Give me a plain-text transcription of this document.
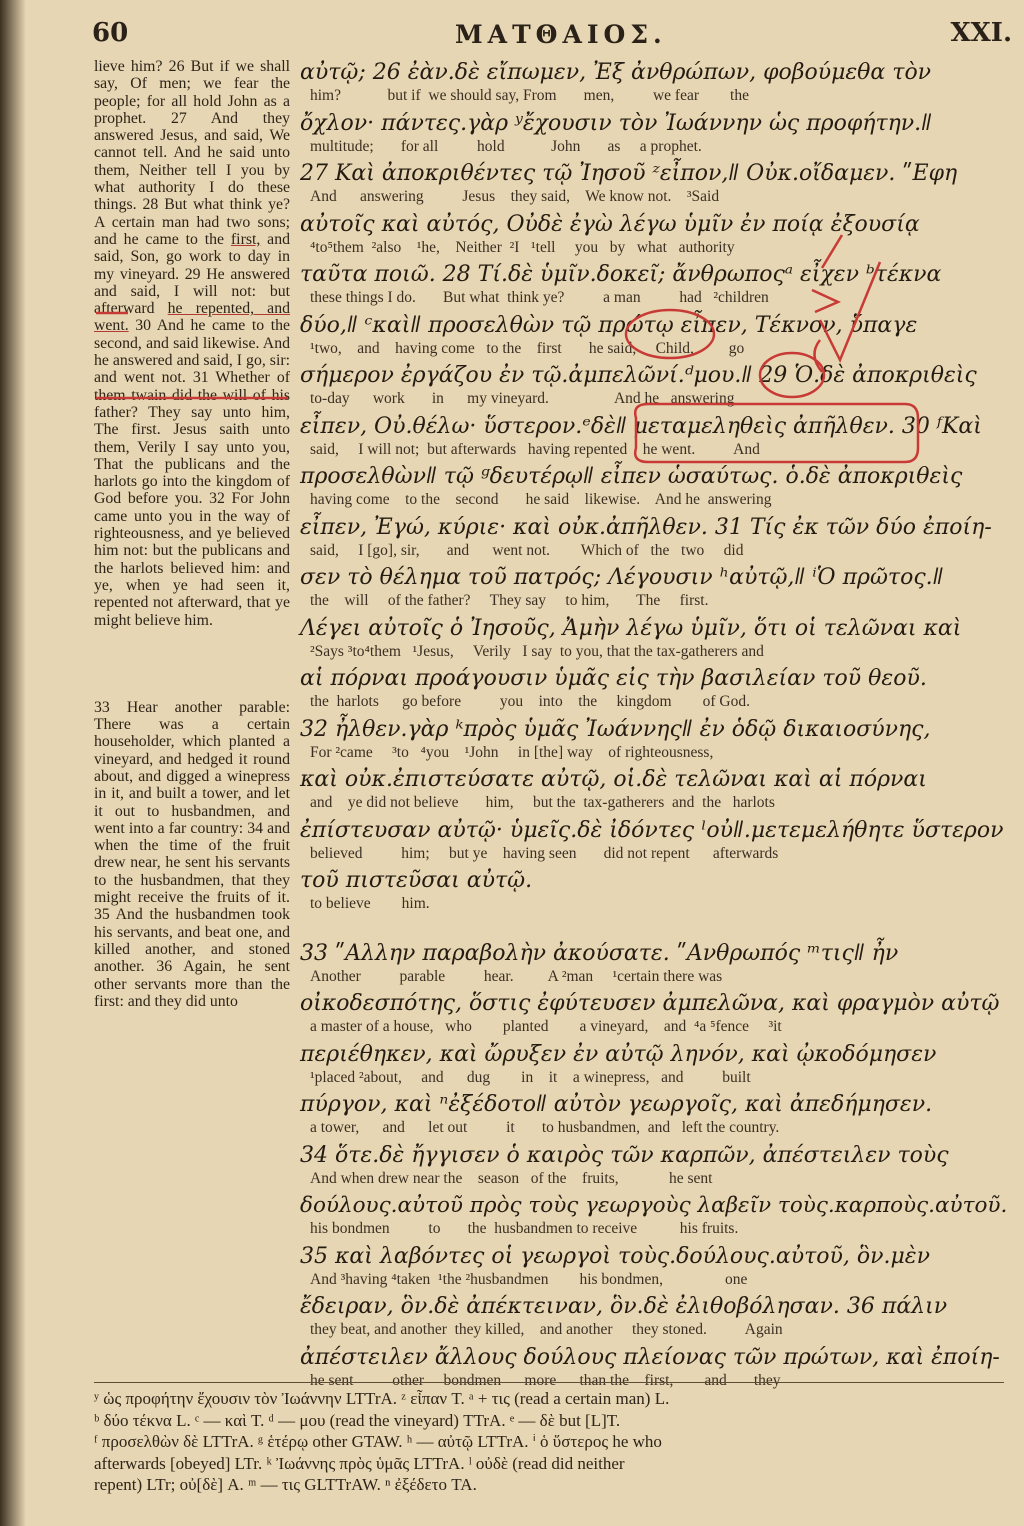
60	ΜΑΤΘΑΙΟΣ.	XXI.

lieve him? 26 But if we shall say, Of men; we fear the people; for all hold John as a prophet. 27 And they answered Jesus, and said, We cannot tell. And he said unto them, Neither tell I you by what authority I do these things. 28 But what think ye? A certain man had two sons; and he came to the first, and said, Son, go work to day in my vineyard. 29 He answered and said, I will not: but afterward he repented, and went. 30 And he came to the second, and said likewise. And he answered and said, I go, sir: and went not. 31 Whether of them twain did the will of his father? They say unto him, The first. Jesus saith unto them, Verily I say unto you, That the publicans and the harlots go into the kingdom of God before you. 32 For John came unto you in the way of righteousness, and ye believed him not: but the publicans and the harlots believed him: and ye, when ye had seen it, repented not afterward, that ye might believe him.

33 Hear another parable: There was a certain householder, which planted a vineyard, and hedged it round about, and digged a winepress in it, and built a tower, and let it out to husbandmen, and went into a far country: 34 and when the time of the fruit drew near, he sent his servants to the husbandmen, that they might receive the fruits of it. 35 And the husbandmen took his servants, and beat one, and killed another, and stoned another. 36 Again, he sent other servants more than the first: and they did unto

αὐτῷ; 26 ἐὰν.δὲ εἴπωμεν, Ἐξ ἀνθρώπων, φοβούμεθα τὸν
him?            but if  we should say, From       men,          we fear        the
ὄχλον· πάντες.γὰρ ʸἔχουσιν τὸν Ἰωάννην ὡς προφήτην.ǁ
multitude;       for all          hold            John       as     a prophet.
27 Καὶ ἀποκριθέντες τῷ Ἰησοῦ ᶻεἶπον,ǁ Οὐκ.οἴδαμεν. ʺΕφη
And      answering          Jesus    they said,    We know not.    ³Said
αὐτοῖς καὶ αὐτός, Οὐδὲ ἐγὼ λέγω ὑμῖν ἐν ποίᾳ ἐξουσίᾳ
⁴to⁵them  ²also    ¹he,    Neither  ²I   ¹tell     you   by   what   authority
ταῦτα ποιῶ. 28 Τί.δὲ ὑμῖν.δοκεῖ; ἄνθρωποςᵃ εἶχεν ᵇτέκνα
these things I do.       But what  think ye?          a man          had   ²children
δύο,ǁ ᶜκαὶǁ προσελθὼν τῷ πρώτῳ εἶπεν, Τέκνον, ὕπαγε
¹two,    and    having come   to the    first       he said,     Child,         go
σήμερον ἐργάζου ἐν τῷ.ἀμπελῶνί.ᵈμου.ǁ 29 Ὁ.δὲ ἀποκριθεὶς
to-day      work       in      my vineyard.                 And he   answering
εἶπεν, Οὐ.θέλω· ὕστερον.ᵉδὲǁ μεταμεληθεὶς ἀπῆλθεν. 30 ᶠΚαὶ
said,     I will not;  but afterwards   having repented    he went.          And
προσελθὼνǁ τῷ ᵍδευτέρῳǁ εἶπεν ὡσαύτως. ὁ.δὲ ἀποκριθεὶς
having come    to the    second       he said    likewise.    And he  answering
εἶπεν, Ἐγώ, κύριε· καὶ οὐκ.ἀπῆλθεν. 31 Τίς ἐκ τῶν δύο ἐποίη-
said,     I [go], sir,       and      went not.        Which of   the   two     did
σεν τὸ θέλημα τοῦ πατρός; Λέγουσιν ʰαὐτῷ,ǁ ⁱὉ πρῶτος.ǁ
the    will     of the father?     They say     to him,       The     first.
Λέγει αὐτοῖς ὁ Ἰησοῦς, Ἀμὴν λέγω ὑμῖν, ὅτι οἱ τελῶναι καὶ
²Says ³to⁴them   ¹Jesus,     Verily   I say  to you, that the tax-gatherers and
αἱ πόρναι προάγουσιν ὑμᾶς εἰς τὴν βασιλείαν τοῦ θεοῦ.
the  harlots      go before          you    into    the     kingdom        of God.
32 ἦλθεν.γὰρ ᵏπρὸς ὑμᾶς Ἰωάννηςǁ ἐν ὁδῷ δικαιοσύνης,
For ²came     ³to   ⁴you    ¹John     in [the] way    of righteousness,
καὶ οὐκ.ἐπιστεύσατε αὐτῷ, οἱ.δὲ τελῶναι καὶ αἱ πόρναι
and    ye did not believe       him,     but the  tax-gatherers  and  the   harlots
ἐπίστευσαν αὐτῷ· ὑμεῖς.δὲ ἰδόντες ˡοὐǁ.μετεμελήθητε ὕστερον
believed          him;     but ye    having seen       did not repent      afterwards
τοῦ πιστεῦσαι αὐτῷ.
to believe        him.
33 ʺΑλλην παραβολὴν ἀκούσατε. ʺΑνθρωπός ᵐτιςǁ ἦν
Another          parable          hear.         A ²man     ¹certain there was
οἰκοδεσπότης, ὅστις ἐφύτευσεν ἀμπελῶνα, καὶ φραγμὸν αὐτῷ
a master of a house,   who        planted        a vineyard,    and  ⁴a ⁵fence     ³it
περιέθηκεν, καὶ ὤρυξεν ἐν αὐτῷ ληνόν, καὶ ᾠκοδόμησεν
¹placed ²about,     and      dug        in    it    a winepress,   and          built
πύργον, καὶ ⁿἐξέδοτοǁ αὐτὸν γεωργοῖς, καὶ ἀπεδήμησεν.
a tower,      and      let out          it       to husbandmen,  and   left the country.
34 ὅτε.δὲ ἤγγισεν ὁ καιρὸς τῶν καρπῶν, ἀπέστειλεν τοὺς
And when drew near the    season   of the    fruits,             he sent
δούλους.αὐτοῦ πρὸς τοὺς γεωργοὺς λαβεῖν τοὺς.καρποὺς.αὐτοῦ.
his bondmen          to       the  husbandmen to receive           his fruits.
35 καὶ λαβόντες οἱ γεωργοὶ τοὺς.δούλους.αὐτοῦ, ὃν.μὲν
And ³having ⁴taken  ¹the ²husbandmen        his bondmen,                one
ἔδειραν, ὃν.δὲ ἀπέκτειναν, ὃν.δὲ ἐλιθοβόλησαν. 36 πάλιν
they beat, and another  they killed,    and another     they stoned.          Again
ἀπέστειλεν ἄλλους δούλους πλείονας τῶν πρώτων, καὶ ἐποίη-
he sent          other     bondmen      more      than the    first,        and       they
ʸ ὡς προφήτην ἔχουσιν τὸν Ἰωάννην LTTrA. ᶻ εἶπαν T. ᵃ + τις (read a certain man) L.
ᵇ δύο τέκνα L. ᶜ — καὶ T. ᵈ — μου (read the vineyard) TTrA. ᵉ — δὲ but [L]T.
ᶠ προσελθὼν δὲ LTTrA. ᵍ ἑτέρῳ other GTAW. ʰ — αὐτῷ LTTrA. ⁱ ὁ ὕστερος he who
afterwards [obeyed] LTr. ᵏ Ἰωάννης πρὸς ὑμᾶς LTTrA. ˡ οὐδὲ (read did neither
repent) LTr; οὐ[δὲ] A. ᵐ — τις GLTTrAW. ⁿ ἐξέδετο TA.
